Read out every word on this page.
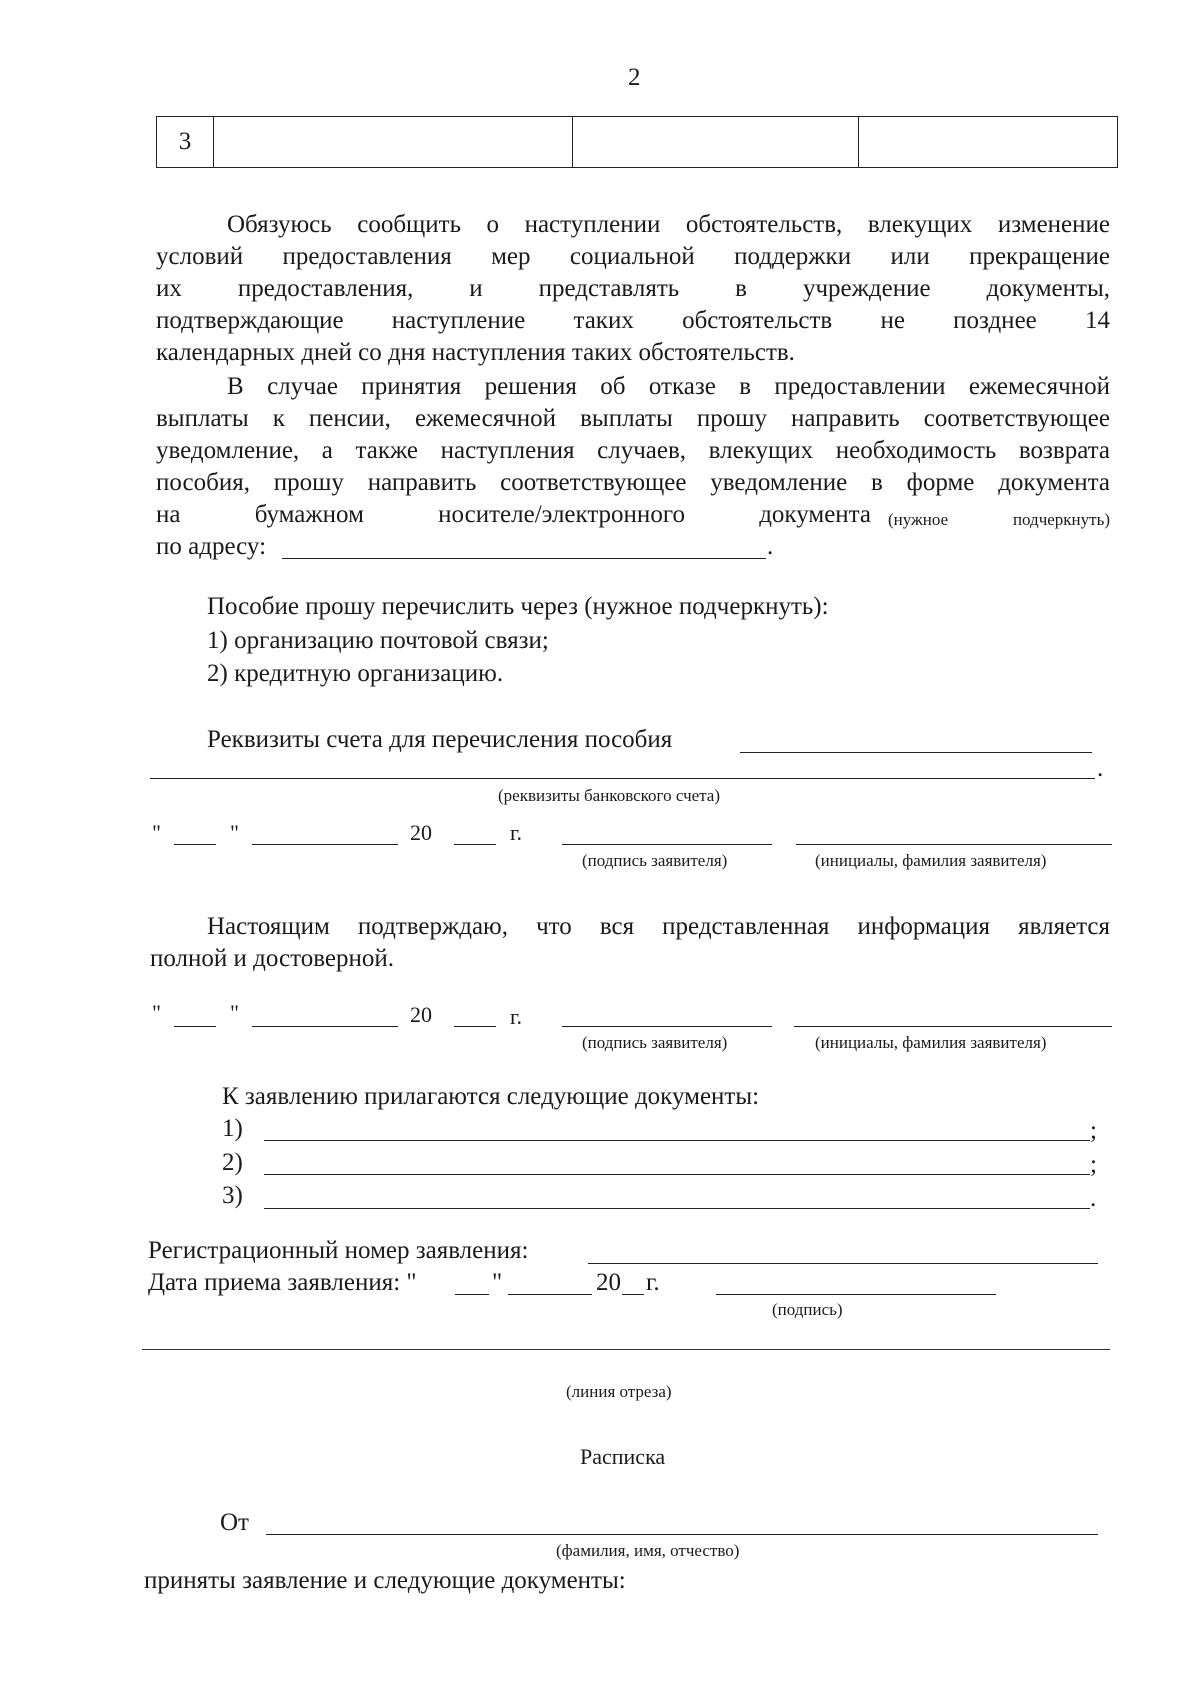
2
3			
Обязуюсь сообщить о наступлении обстоятельств, влекущих изменение
условий предоставления мер социальной поддержки или прекращение
их предоставления, и представлять в учреждение документы,
подтверждающие наступление таких обстоятельств не позднее 14
календарных дней со дня наступления таких обстоятельств.
В случае принятия решения об отказе в предоставлении ежемесячной
выплаты к пенсии, ежемесячной выплаты прошу направить соответствующее
уведомление, а также наступления случаев, влекущих необходимость возврата
пособия, прошу направить соответствующее уведомление в форме документа
на бумажном носителе/электронного документа (нужное подчеркнуть)
по адресу:	.
Пособие прошу перечислить через (нужное подчеркнуть):
1) организацию почтовой связи;
2) кредитную организацию.
Реквизиты счета для перечисления пособия
.
(реквизиты банковского счета)
"	"	20	г.
(подпись заявителя)	(инициалы, фамилия заявителя)
Настоящим подтверждаю, что вся представленная информация является
полной и достоверной.
"	"	20	г.
(подпись заявителя)	(инициалы, фамилия заявителя)
К заявлению прилагаются следующие документы:
1)	;
2)	;
3)	.
Регистрационный номер заявления:
Дата приема заявления: "	"	20 г.
(подпись)
(линия отреза)
Расписка
От
(фамилия, имя, отчество)
приняты заявление и следующие документы:
